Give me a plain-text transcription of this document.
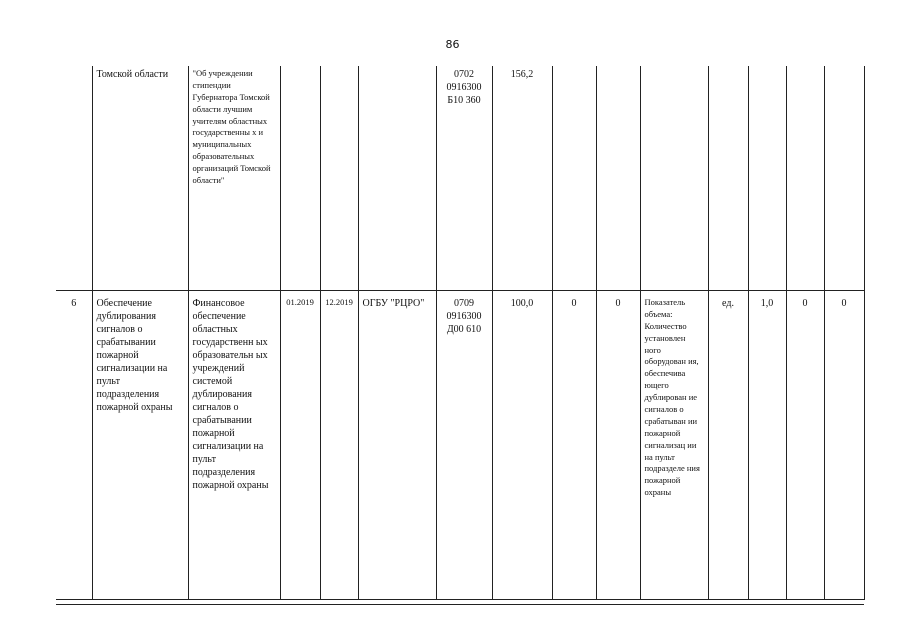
86
	Томской области	"Об учреждении стипендии Губернатора Томской области лучшим учителям областных государственны х и муниципальных образовательных организаций Томской области"				0702 0916300 Б10 360	156,2							
6	Обеспечение дублирования сигналов о срабатывании пожарной сигнализации на пульт подразделения пожарной охраны	Финансовое обеспечение областных государственн ых образовательн ых учреждений системой дублирования сигналов о срабатывании пожарной сигнализации на пульт подразделения пожарной охраны	01.2019	12.2019	ОГБУ "РЦРО"	0709 0916300 Д00 610	100,0	0	0	Показатель объема: Количество установлен ного оборудован ия, обеспечива ющего дублирован ие сигналов о срабатыван ии пожарной сигнализац ии на пульт подразделе ния пожарной охраны	ед.	1,0	0	0
